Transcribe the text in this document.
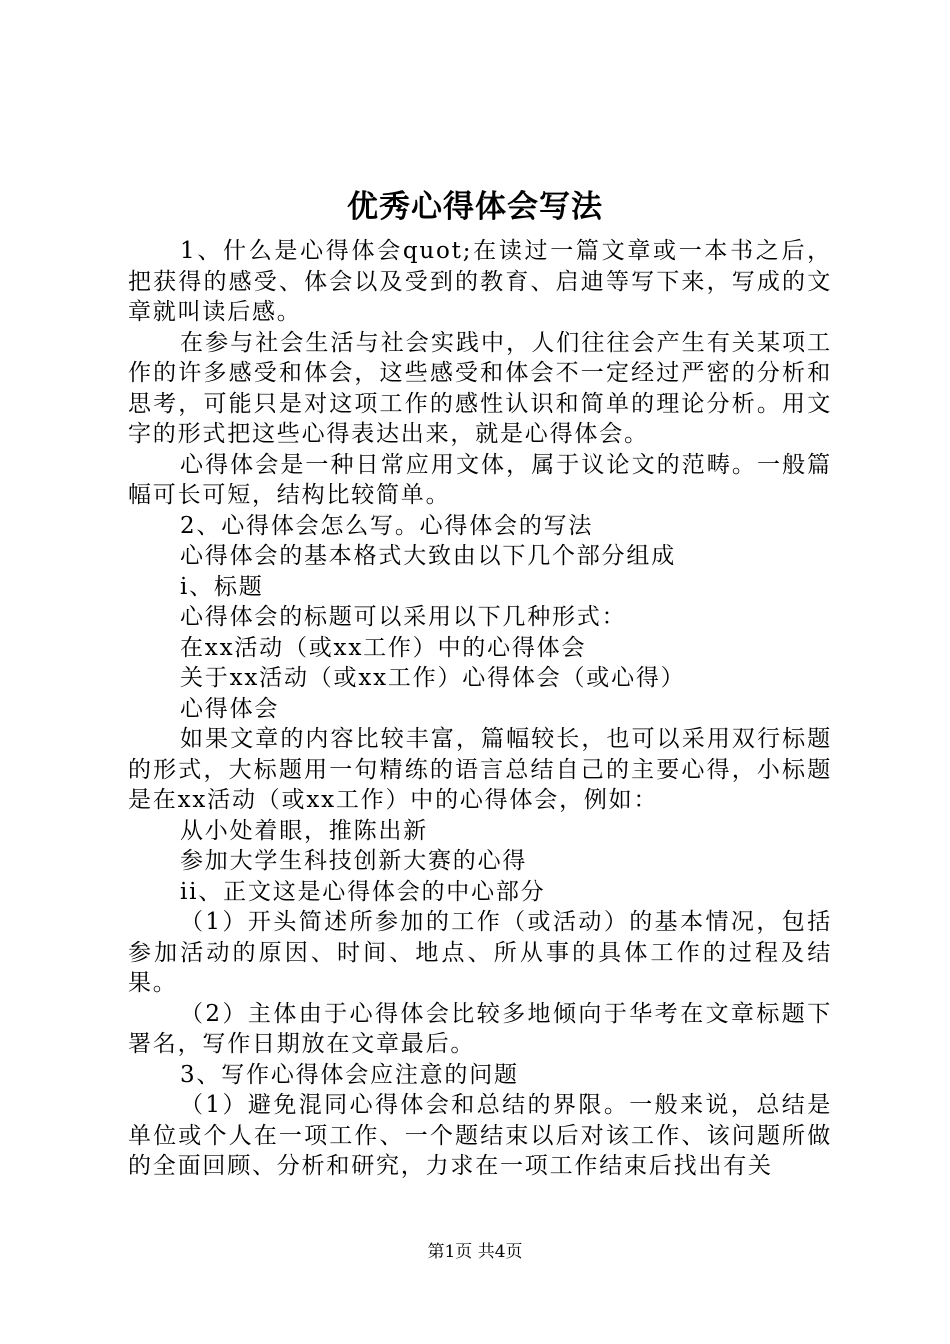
优秀心得体会写法

1、什么是心得体会quot;在读过一篇文章或一本书之后，把获得的感受、体会以及受到的教育、启迪等写下来，写成的文章就叫读后感。

在参与社会生活与社会实践中，人们往往会产生有关某项工作的许多感受和体会，这些感受和体会不一定经过严密的分析和思考，可能只是对这项工作的感性认识和简单的理论分析。用文字的形式把这些心得表达出来，就是心得体会。

心得体会是一种日常应用文体，属于议论文的范畴。一般篇幅可长可短，结构比较简单。

2、心得体会怎么写。心得体会的写法

心得体会的基本格式大致由以下几个部分组成

i、标题

心得体会的标题可以采用以下几种形式：

在xx活动（或xx工作）中的心得体会

关于xx活动（或xx工作）心得体会（或心得）

心得体会

如果文章的内容比较丰富，篇幅较长，也可以采用双行标题的形式，大标题用一句精练的语言总结自己的主要心得，小标题是在xx活动（或xx工作）中的心得体会，例如：

从小处着眼，推陈出新

参加大学生科技创新大赛的心得

ii、正文这是心得体会的中心部分

（1）开头简述所参加的工作（或活动）的基本情况，包括参加活动的原因、时间、地点、所从事的具体工作的过程及结果。

（2）主体由于心得体会比较多地倾向于华考在文章标题下署名，写作日期放在文章最后。

3、写作心得体会应注意的问题

（1）避免混同心得体会和总结的界限。一般来说，总结是单位或个人在一项工作、一个题结束以后对该工作、该问题所做的全面回顾、分析和研究，力求在一项工作结束后找出有关

第1页 共4页
